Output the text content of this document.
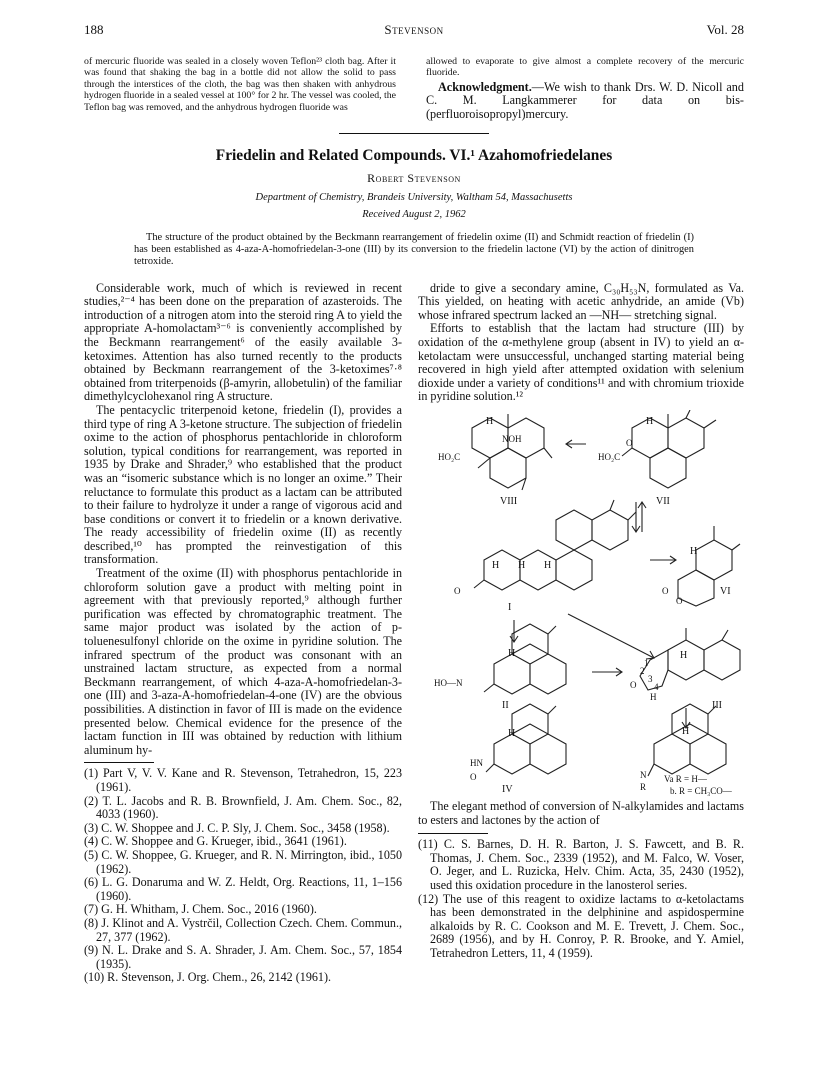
188	Stevenson	Vol. 28
of mercuric fluoride was sealed in a closely woven Teflon²³ cloth bag. After it was found that shaking the bag in a bottle did not allow the solid to pass through the interstices of the cloth, the bag was then shaken with anhydrous hydrogen fluoride in a sealed vessel at 100° for 2 hr. The vessel was cooled, the Teflon bag was removed, and the anhydrous hydrogen fluoride was
allowed to evaporate to give almost a complete recovery of the mercuric fluoride.
Acknowledgment.—We wish to thank Drs. W. D. Nicoll and C. M. Langkammerer for data on bis-(perfluoroisopropyl)mercury.
Friedelin and Related Compounds. VI.¹ Azahomofriedelanes
Robert Stevenson
Department of Chemistry, Brandeis University, Waltham 54, Massachusetts
Received August 2, 1962
The structure of the product obtained by the Beckmann rearrangement of friedelin oxime (II) and Schmidt reaction of friedelin (I) has been established as 4-aza-A-homofriedelan-3-one (III) by its conversion to the friedelin lactone (VI) by the action of dinitrogen tetroxide.

Considerable work, much of which is reviewed in recent studies,²⁻⁴ has been done on the preparation of azasteroids. The introduction of a nitrogen atom into the steroid ring A to yield the appropriate A-homolactam³⁻⁶ is conveniently accomplished by the Beckmann rearrangement⁶ of the easily available 3-ketoximes. Attention has also turned recently to the products obtained by Beckmann rearrangement of the 3-ketoximes⁷·⁸ obtained from triterpenoids (β-amyrin, allobetulin) of the familiar dimethylcyclohexanol ring A structure.

The pentacyclic triterpenoid ketone, friedelin (I), provides a third type of ring A 3-ketone structure. The subjection of friedelin oxime to the action of phosphorus pentachloride in chloroform solution, typical conditions for rearrangement, was reported in 1935 by Drake and Shrader,⁹ who established that the product was an “isomeric substance which is no longer an oxime.” Their reluctance to formulate this product as a lactam can be attributed to their failure to hydrolyze it under a range of vigorous acid and base conditions or convert it to friedelin or a known derivative. The ready accessibility of friedelin oxime (II) as recently described,¹⁰ has prompted the reinvestigation of this transformation.

Treatment of the oxime (II) with phosphorus pentachloride in chloroform solution gave a product with melting point in agreement with that previously reported,⁹ although further purification was effected by chromatographic treatment. The same major product was isolated by the action of p-toluenesulfonyl chloride on the oxime in pyridine solution. The infrared spectrum of the product was consonant with an unstrained lactam structure, as expected from a normal Beckmann rearrangement, of which 4-aza-A-homofriedelan-3-one (III) and 3-aza-A-homofriedelan-4-one (IV) are the obvious possibilities. A distinction in favor of III is made on the evidence presented below. Chemical evidence for the presence of the lactam function in III was obtained by reduction with lithium aluminum hy-

(1) Part V, V. V. Kane and R. Stevenson, Tetrahedron, 15, 223 (1961).

(2) T. L. Jacobs and R. B. Brownfield, J. Am. Chem. Soc., 82, 4033 (1960).

(3) C. W. Shoppee and J. C. P. Sly, J. Chem. Soc., 3458 (1958).

(4) C. W. Shoppee and G. Krueger, ibid., 3641 (1961).

(5) C. W. Shoppee, G. Krueger, and R. N. Mirrington, ibid., 1050 (1962).

(6) L. G. Donaruma and W. Z. Heldt, Org. Reactions, 11, 1–156 (1960).

(7) G. H. Whitham, J. Chem. Soc., 2016 (1960).

(8) J. Klinot and A. Vystrčil, Collection Czech. Chem. Commun., 27, 377 (1962).

(9) N. L. Drake and S. A. Shrader, J. Am. Chem. Soc., 57, 1854 (1935).

(10) R. Stevenson, J. Org. Chem., 26, 2142 (1961).

dride to give a secondary amine, C₃₀H₅₃N, formulated as Va. This yielded, on heating with acetic anhydride, an amide (Vb) whose infrared spectrum lacked an —NH— stretching signal.

Efforts to establish that the lactam had structure (III) by oxidation of the α-methylene group (absent in IV) to yield an α-ketolactam were unsuccessful, unchanged starting material being recovered in high yield after attempted oxidation with selenium dioxide under a variety of conditions¹¹ and with chromium trioxide in pyridine solution.¹²

H
NOH
HO₂C
VIII
H
HO₂C
O
VII
H H H
O
I
H
O
O
VI
H
HO—N
II
H
1
2
3
4
O
H
III
H
HN
O
IV
H
N
R
Va R = H—
b. R = CH₃CO—

The elegant method of conversion of N-alkylamides and lactams to esters and lactones by the action of

(11) C. S. Barnes, D. H. R. Barton, J. S. Fawcett, and B. R. Thomas, J. Chem. Soc., 2339 (1952), and M. Falco, W. Voser, O. Jeger, and L. Ruzicka, Helv. Chim. Acta, 35, 2430 (1952), used this oxidation procedure in the lanosterol series.

(12) The use of this reagent to oxidize lactams to α-ketolactams has been demonstrated in the delphinine and aspidospermine alkaloids by R. C. Cookson and M. E. Trevett, J. Chem. Soc., 2689 (1956), and by H. Conroy, P. R. Brooke, and Y. Amiel, Tetrahedron Letters, 11, 4 (1959).
